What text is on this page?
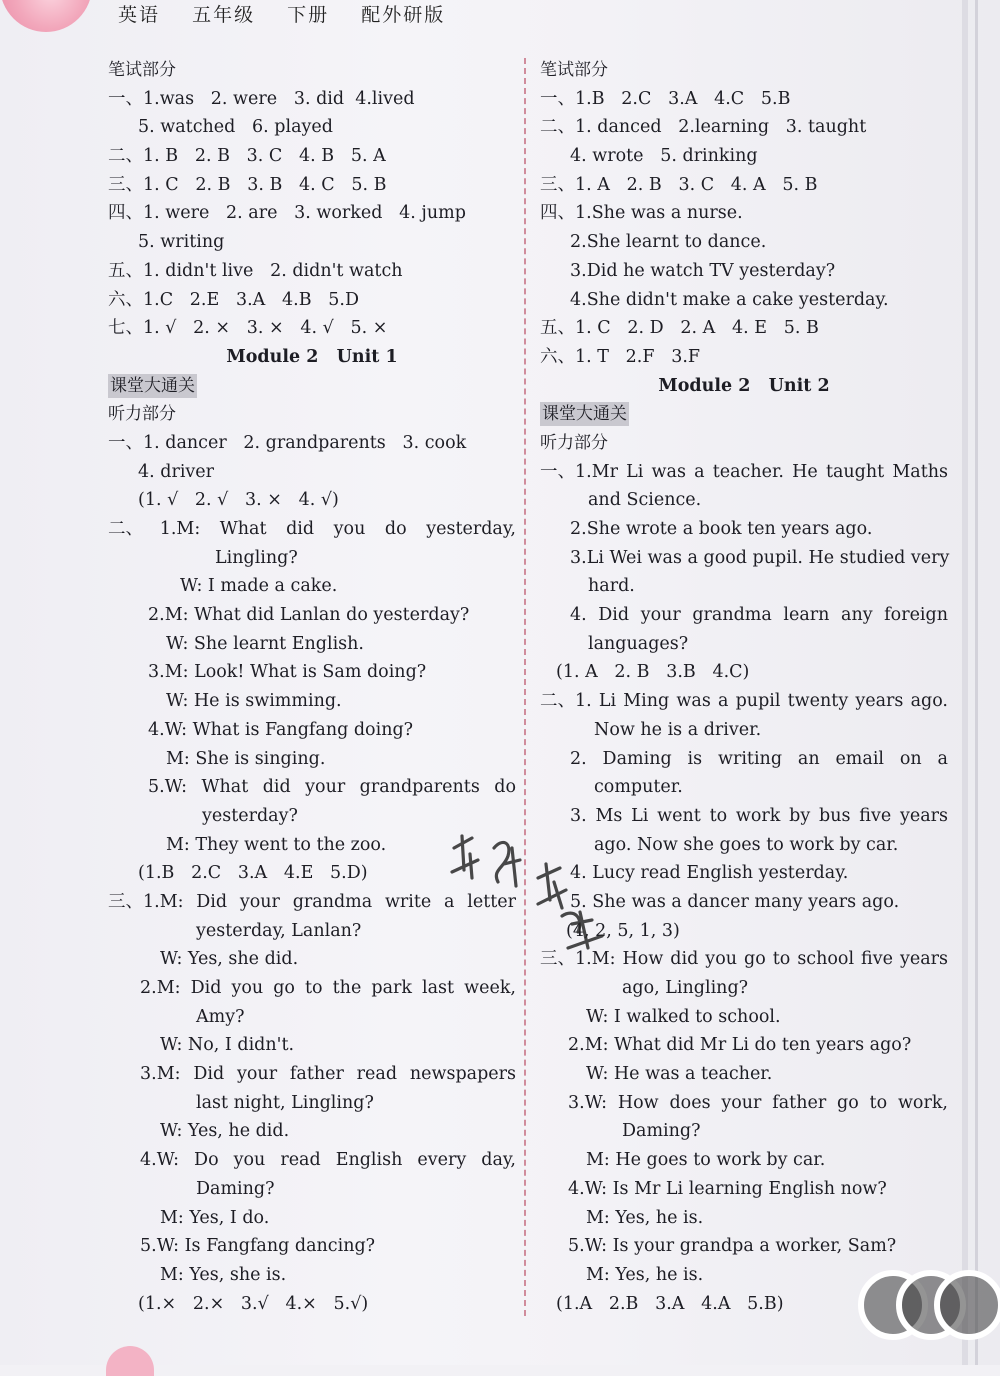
英语 五年级 下册 配外研版
笔试部分
一、1.was 2. were 3. did 4.lived
5. watched 6. played
二、1. B 2. B 3. C 4. B 5. A
三、1. C 2. B 3. B 4. C 5. B
四、1. were 2. are 3. worked 4. jump
5. writing
五、1. didn't live 2. didn't watch
六、1.C 2.E 3.A 4.B 5.D
七、1. √ 2. × 3. × 4. √ 5. ×
Module 2   Unit 1
课堂大通关
听力部分
一、1. dancer 2. grandparents 3. cook
4. driver
(1. √   2. √   3. ×   4. √)
二、 1.M: What did you do yesterday,
Lingling?
W: I made a cake.
2.M: What did Lanlan do yesterday?
W: She learnt English.
3.M: Look! What is Sam doing?
W: He is swimming.
4.W: What is Fangfang doing?
M: She is singing.
5.W: What did your grandparents do
yesterday?
M: They went to the zoo.
(1.B   2.C   3.A   4.E   5.D)
三、 1.M: Did your grandma write a letter
yesterday, Lanlan?
W: Yes, she did.
2.M: Did you go to the park last week,
Amy?
W: No, I didn't.
3.M: Did your father read newspapers
last night, Lingling?
W: Yes, he did.
4.W: Do you read English every day,
Daming?
M: Yes, I do.
5.W: Is Fangfang dancing?
M: Yes, she is.
(1.×   2.×   3.√   4.×   5.√)
笔试部分
一、1.B 2.C 3.A 4.C 5.B
二、1. danced 2.learning 3. taught
4. wrote 5. drinking
三、1. A 2. B 3. C 4. A 5. B
四、1.She was a nurse.
2.She learnt to dance.
3.Did he watch TV yesterday?
4.She didn't make a cake yesterday.
五、1. C 2. D 2. A 4. E 5. B
六、1. T 2.F 3.F
Module 2   Unit 2
课堂大通关
听力部分
一、 1.Mr Li was a teacher. He taught Maths
and Science.
2.She wrote a book ten years ago.
3.Li Wei was a good pupil. He studied very
hard.
4. Did your grandma learn any foreign
languages?
(1. A   2. B   3.B   4.C)
二、 1. Li Ming was a pupil twenty years ago.
Now he is a driver.
2. Daming is writing an email on a
computer.
3. Ms Li went to work by bus five years
ago. Now she goes to work by car.
4. Lucy read English yesterday.
5. She was a dancer many years ago.
(4, 2, 5, 1, 3)
三、 1.M: How did you go to school five years
ago, Lingling?
W: I walked to school.
2.M: What did Mr Li do ten years ago?
W: He was a teacher.
3.W: How does your father go to work,
Daming?
M: He goes to work by car.
4.W: Is Mr Li learning English now?
M: Yes, he is.
5.W: Is your grandpa a worker, Sam?
M: Yes, he is.
(1.A   2.B   3.A   4.A   5.B)
